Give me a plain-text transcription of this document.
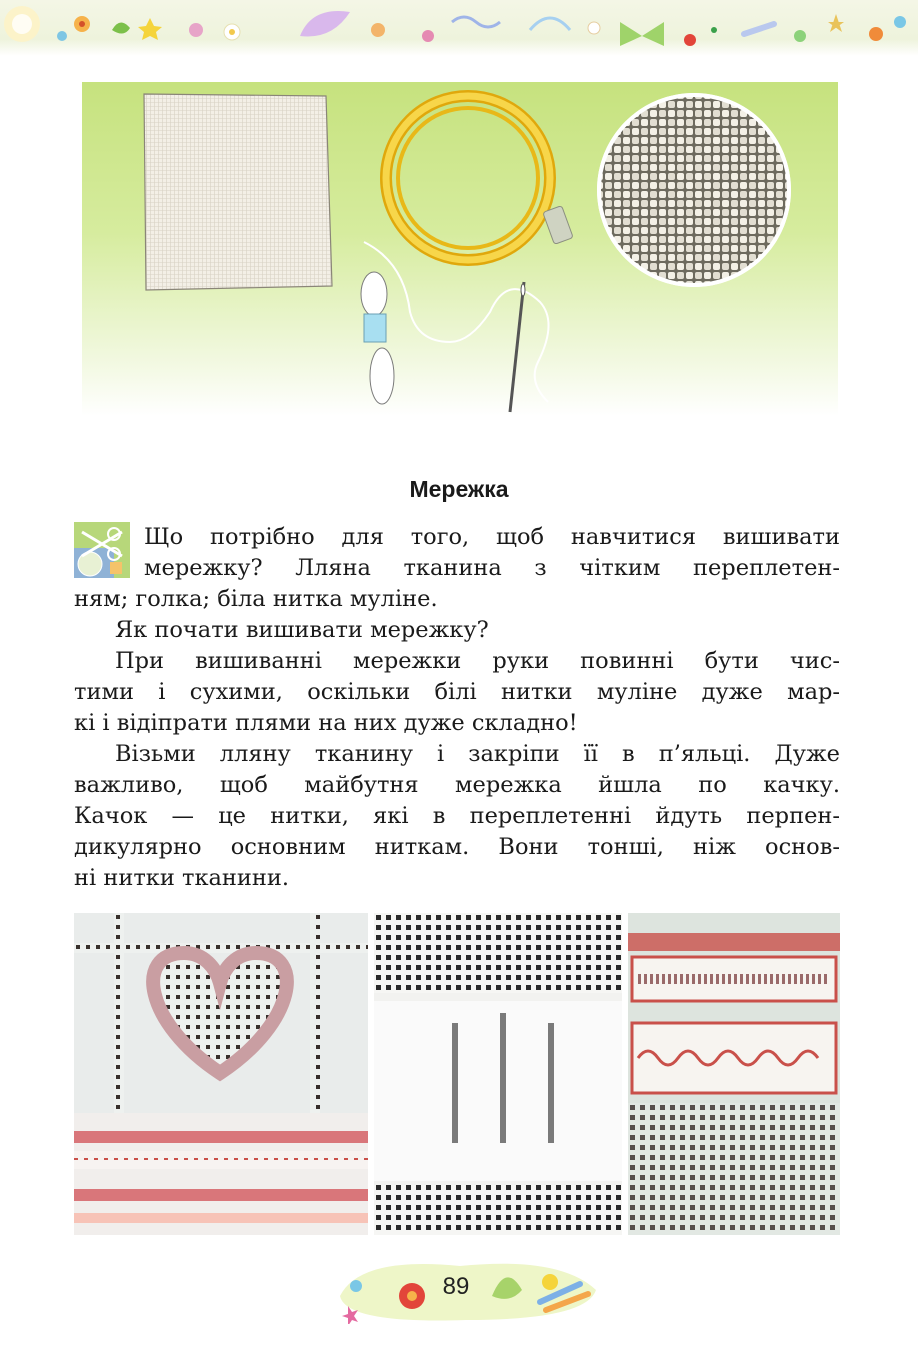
Мережка
Що потрібно для того, щоб навчитися вишивати
мережку? Лляна тканина з чітким переплетен-
ням; голка; біла нитка муліне.
Як почати вишивати мережку?
При вишиванні мережки руки повинні бути чис-
тими і сухими, оскільки білі нитки муліне дуже мар-
кі і відіпрати плями на них дуже складно!
Візьми лляну тканину і закріпи її в п’яльці. Дуже
важливо, щоб майбутня мережка йшла по качку.
Качок — це нитки, які в переплетенні йдуть перпен-
дикулярно основним ниткам. Вони тонші, ніж основ-
ні нитки тканини.
89
